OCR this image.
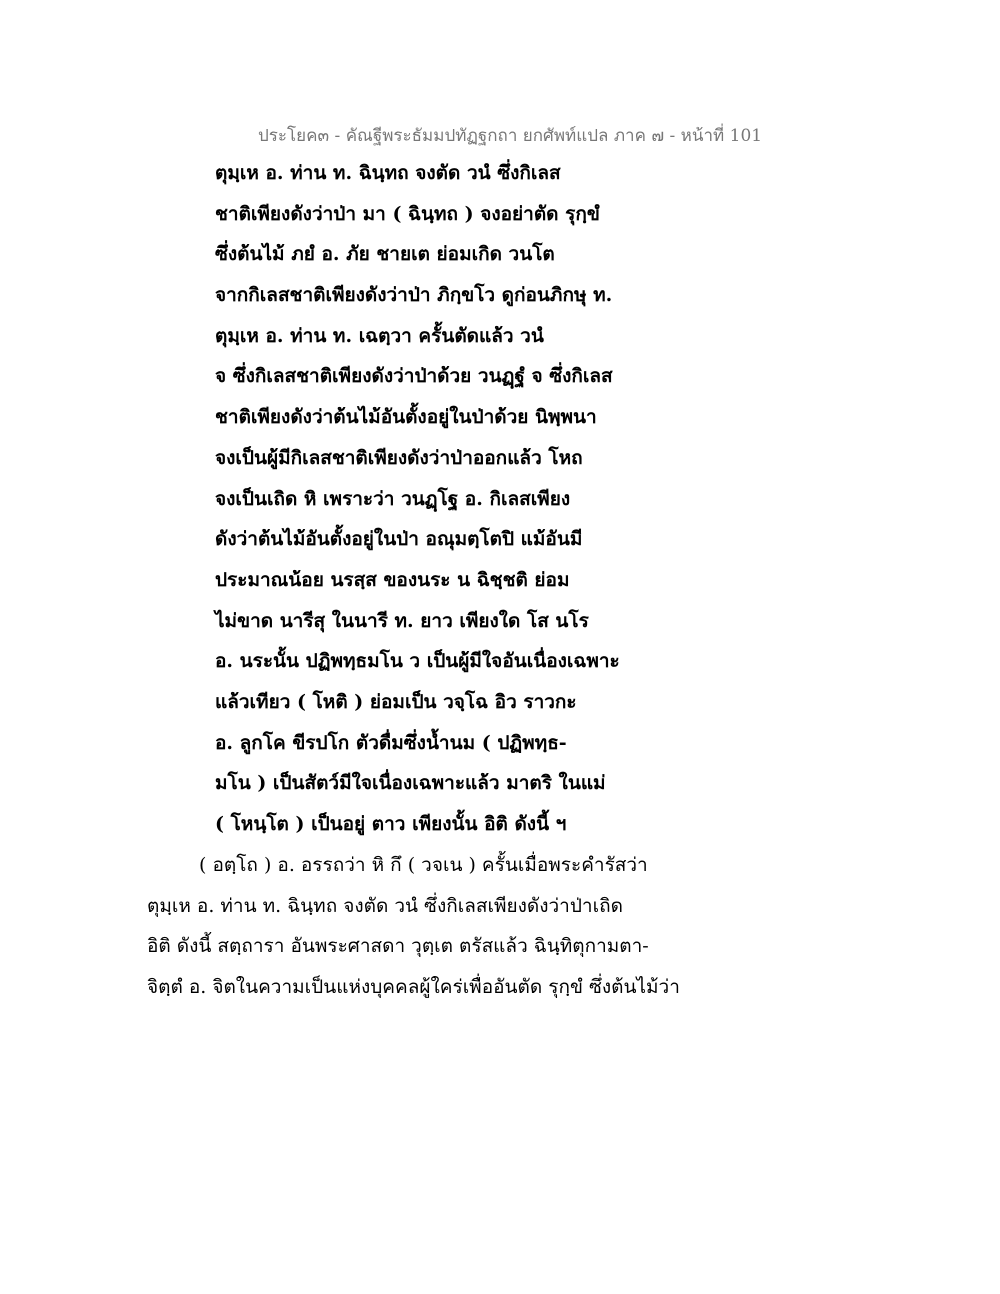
ประโยค๓ - คัณฐีพระธัมมปทัฏฐกถา ยกศัพท์แปล ภาค ๗ - หน้าที่ 101
ตุมฺเห อ. ท่าน ท. ฉินฺทถ จงตัด วนํ ซึ่งกิเลส
ชาติเพียงดังว่าป่า มา ( ฉินฺทถ ) จงอย่าตัด รุกฺขํ
ซึ่งต้นไม้ ภยํ อ. ภัย ชายเต ย่อมเกิด วนโต
จากกิเลสชาติเพียงดังว่าป่า ภิกฺขโว ดูก่อนภิกษุ ท.
ตุมฺเห อ. ท่าน ท. เฉตฺวา ครั้นตัดแล้ว วนํ
จ ซึ่งกิเลสชาติเพียงดังว่าป่าด้วย วนฏฺฐํ จ ซึ่งกิเลส
ชาติเพียงดังว่าต้นไม้อันตั้งอยู่ในป่าด้วย นิพฺพนา
จงเป็นผู้มีกิเลสชาติเพียงดังว่าป่าออกแล้ว โหถ
จงเป็นเถิด หิ เพราะว่า วนฏฺโฐ อ. กิเลสเพียง
ดังว่าต้นไม้อันตั้งอยู่ในป่า อณุมตฺโตปิ แม้อันมี
ประมาณน้อย นรสฺส ของนระ น ฉิชฺชติ ย่อม
ไม่ขาด นารีสุ ในนารี ท. ยาว เพียงใด โส นโร
อ. นระนั้น ปฏิพทฺธมโน ว เป็นผู้มีใจอันเนื่องเฉพาะ
แล้วเทียว ( โหติ ) ย่อมเป็น วจฺโฉ อิว ราวกะ
อ. ลูกโค ขีรปโก ตัวดื่มซึ่งน้ำนม ( ปฏิพทฺธ-
มโน ) เป็นสัตว์มีใจเนื่องเฉพาะแล้ว มาตริ ในแม่
( โหนฺโต ) เป็นอยู่ ตาว เพียงนั้น อิติ ดังนี้ ฯ
( อตฺโถ ) อ. อรรถว่า หิ กึ ( วจเน ) ครั้นเมื่อพระคำรัสว่า
ตุมฺเห อ. ท่าน ท. ฉินฺทถ จงตัด วนํ ซึ่งกิเลสเพียงดังว่าป่าเถิด
อิติ ดังนี้ สตฺถารา อันพระศาสดา วุตฺเต ตรัสแล้ว ฉินฺทิตุกามตา-
จิตฺตํ อ. จิตในความเป็นแห่งบุคคลผู้ใคร่เพื่ออันตัด รุกฺขํ ซึ่งต้นไม้ว่า
